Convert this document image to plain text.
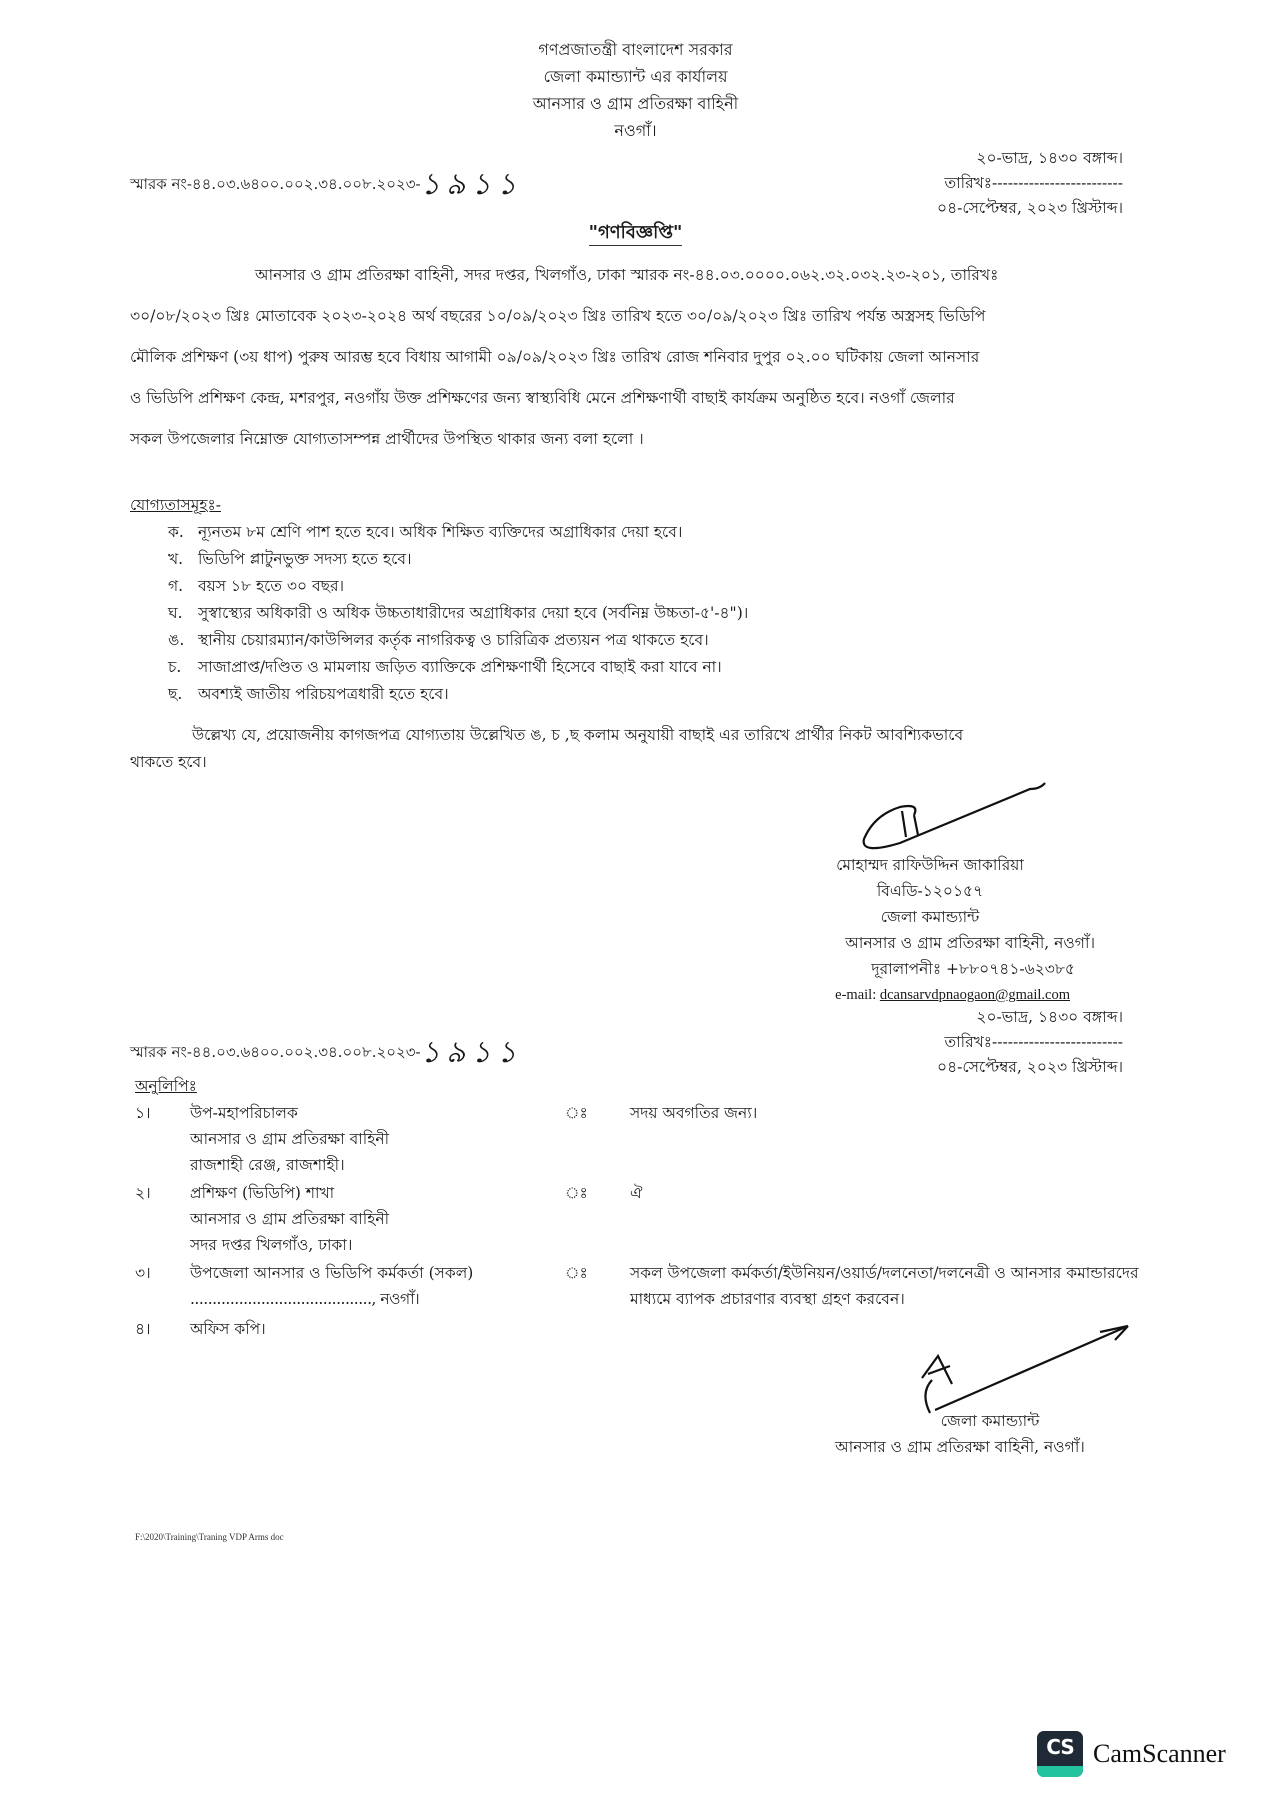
গণপ্রজাতন্ত্রী বাংলাদেশ সরকার
জেলা কমান্ড্যান্ট এর কার্যালয়
আনসার ও গ্রাম প্রতিরক্ষা বাহিনী
নওগাঁ।
স্মারক নং-৪৪.০৩.৬৪০০.০০২.৩৪.০০৮.২০২৩- ১৯১১
২০-ভাদ্র, ১৪৩০ বঙ্গাব্দ।
তারিখঃ-------------------------
০৪-সেপ্টেম্বর, ২০২৩ খ্রিস্টাব্দ।
"গণবিজ্ঞপ্তি"
আনসার ও গ্রাম প্রতিরক্ষা বাহিনী, সদর দপ্তর, খিলগাঁও, ঢাকা স্মারক নং-৪৪.০৩.০০০০.০৬২.৩২.০৩২.২৩-২০১, তারিখঃ
৩০/০৮/২০২৩ খ্রিঃ মোতাবেক ২০২৩-২০২৪ অর্থ বছরের ১০/০৯/২০২৩ খ্রিঃ তারিখ হতে ৩০/০৯/২০২৩ খ্রিঃ তারিখ পর্যন্ত অস্ত্রসহ ভিডিপি
মৌলিক প্রশিক্ষণ (৩য় ধাপ) পুরুষ আরম্ভ হবে বিধায় আগামী ০৯/০৯/২০২৩ খ্রিঃ তারিখ রোজ শনিবার দুপুর ০২.০০ ঘটিকায় জেলা আনসার
ও ভিডিপি প্রশিক্ষণ কেন্দ্র, মশরপুর, নওগাঁয় উক্ত প্রশিক্ষণের জন্য স্বাস্থ্যবিধি মেনে প্রশিক্ষণার্থী বাছাই কার্যক্রম অনুষ্ঠিত হবে। নওগাঁ জেলার
সকল উপজেলার নিম্নোক্ত যোগ্যতাসম্পন্ন প্রার্থীদের উপস্থিত থাকার জন্য বলা হলো ।
যোগ্যতাসমূহঃ-
ক. ন্যূনতম ৮ম শ্রেণি পাশ হতে হবে। অধিক শিক্ষিত ব্যক্তিদের অগ্রাধিকার দেয়া হবে।
খ. ভিডিপি প্লাটুনভুক্ত সদস্য হতে হবে।
গ. বয়স ১৮ হতে ৩০ বছর।
ঘ. সুস্বাস্থ্যের অধিকারী ও অধিক উচ্চতাধারীদের অগ্রাধিকার দেয়া হবে (সর্বনিম্ন উচ্চতা-৫'-৪")।
ঙ. স্থানীয় চেয়ারম্যান/কাউন্সিলর কর্তৃক নাগরিকত্ব ও চারিত্রিক প্রত্যয়ন পত্র থাকতে হবে।
চ.	সাজাপ্রাপ্ত/দণ্ডিত ও মামলায় জড়িত ব্যাক্তিকে প্রশিক্ষণার্থী হিসেবে বাছাই করা যাবে না।
ছ.	অবশ্যই জাতীয় পরিচয়পত্রধারী হতে হবে।
উল্লেখ্য যে, প্রয়োজনীয় কাগজপত্র যোগ্যতায় উল্লেখিত ঙ, চ ,ছ কলাম অনুযায়ী বাছাই এর তারিখে প্রার্থীর নিকট আবশ্যিকভাবে
থাকতে হবে।
মোহাম্মদ রাফিউদ্দিন জাকারিয়া
বিএডি-১২০১৫৭
জেলা কমান্ড্যান্ট
আনসার ও গ্রাম প্রতিরক্ষা বাহিনী, নওগাঁ।
দূরালাপনীঃ +৮৮০৭৪১-৬২৩৮৫
e-mail: dcansarvdpnaogaon@gmail.com
স্মারক নং-৪৪.০৩.৬৪০০.০০২.৩৪.০০৮.২০২৩- ১৯১১
২০-ভাদ্র, ১৪৩০ বঙ্গাব্দ।
তারিখঃ-------------------------
০৪-সেপ্টেম্বর, ২০২৩ খ্রিস্টাব্দ।
অনুলিপিঃ
১।	উপ-মহাপরিচালক
আনসার ও গ্রাম প্রতিরক্ষা বাহিনী
রাজশাহী রেঞ্জ, রাজশাহী।
ঃ	সদয় অবগতির জন্য।
২।	প্রশিক্ষণ (ভিডিপি) শাখা
আনসার ও গ্রাম প্রতিরক্ষা বাহিনী
সদর দপ্তর খিলগাঁও, ঢাকা।
ঃ	ঐ
৩।	উপজেলা আনসার ও ভিডিপি কর্মকর্তা (সকল)
........................................., নওগাঁ।
ঃ	সকল উপজেলা কর্মকর্তা/ইউনিয়ন/ওয়ার্ড/দলনেতা/দলনেত্রী ও আনসার কমান্ডারদের মাধ্যমে ব্যাপক প্রচারণার ব্যবস্থা গ্রহণ করবেন।
৪।	অফিস কপি।
জেলা কমান্ড্যান্ট
আনসার ও গ্রাম প্রতিরক্ষা বাহিনী, নওগাঁ।
F:\2020\Training\Traning VDP Arms doc
CS CamScanner
